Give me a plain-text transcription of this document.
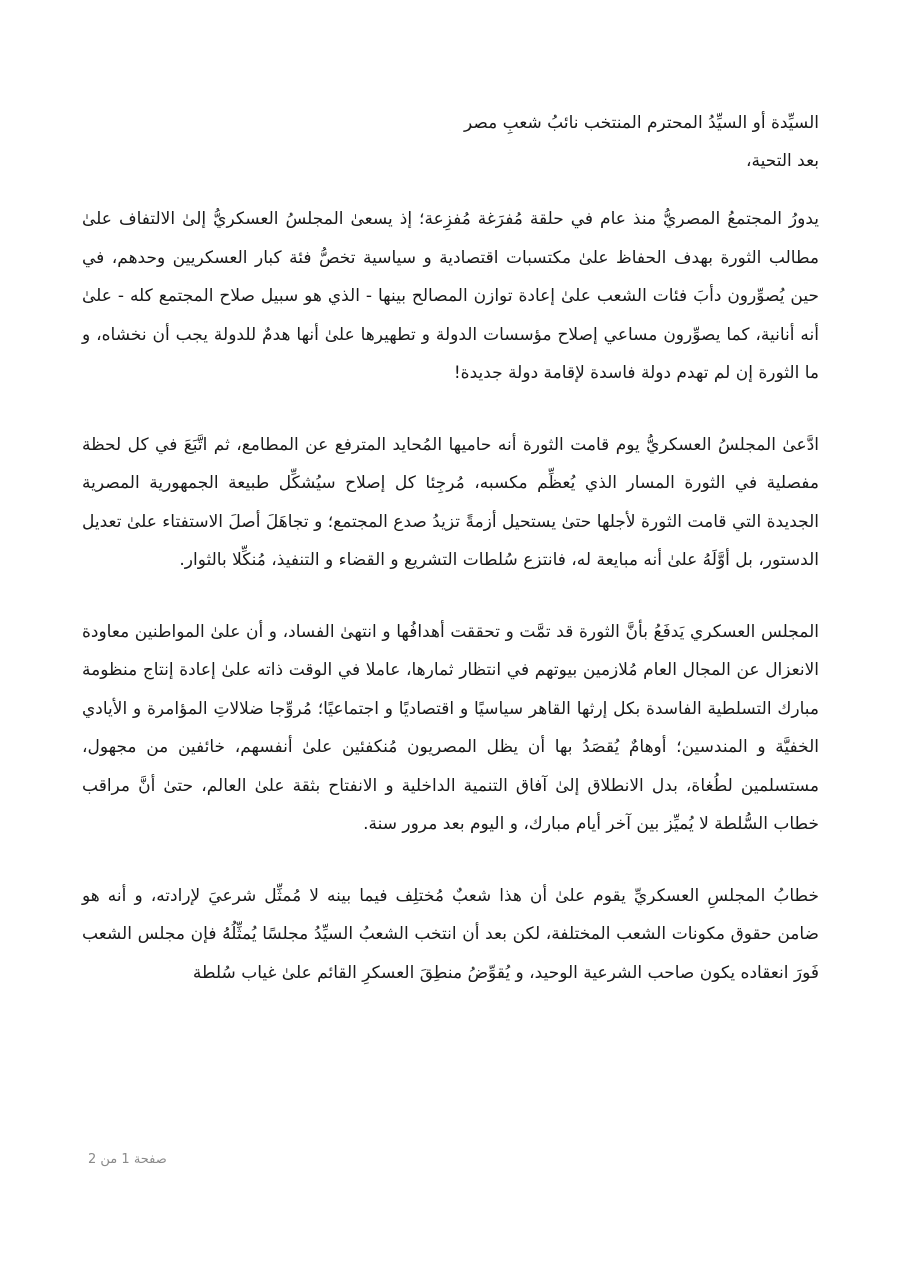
السيِّدة أو السيِّدُ المحترم المنتخب نائبُ شعبِ مصر

بعد التحية،

يدورُ المجتمعُ المصريُّ منذ عام في حلقة مُفرَغة مُفزِعة؛ إذ يسعىٰ المجلسُ العسكريُّ إلىٰ الالتفاف علىٰ مطالب الثورة بهدف الحفاظ علىٰ مكتسبات اقتصادية و سياسية تخصُّ فئة كبار العسكريين وحدهم، في حين يُصوِّرون دأبَ فئات الشعب علىٰ إعادة توازن المصالح بينها - الذي هو سبيل صلاح المجتمع كله - علىٰ أنه أنانية، كما يصوِّرون مساعي إصلاح مؤسسات الدولة و تطهيرها علىٰ أنها هدمٌ للدولة يجب أن نخشاه، و ما الثورة إن لم تهدم دولة فاسدة لإقامة دولة جديدة!

ادَّعىٰ المجلسُ العسكريُّ يوم قامت الثورة أنه حاميها المُحايد المترفع عن المطامع، ثم اتَّبَعَ في كل لحظة مفصلية في الثورة المسار الذي يُعظِّم مكسبه، مُرجِئا كل إصلاح سيُشكِّل طبيعة الجمهورية المصرية الجديدة التي قامت الثورة لأجلها حتىٰ يستحيل أزمةً تزيدُ صدع المجتمع؛ و تجاهَلَ أصلَ الاستفتاء علىٰ تعديل الدستور، بل أوَّلَهُ علىٰ أنه مبايعة له، فانتزع سُلطات التشريع و القضاء و التنفيذ، مُنكِّلا بالثوار.

المجلس العسكري يَدفَعُ بأنَّ الثورة قد تمَّت و تحققت أهدافُها و انتهىٰ الفساد، و أن علىٰ المواطنين معاودة الانعزال عن المجال العام مُلازمين بيوتهم في انتظار ثمارها، عاملا في الوقت ذاته علىٰ إعادة إنتاج منظومة مبارك التسلطية الفاسدة بكل إرثها القاهر سياسيًا و اقتصاديًا و اجتماعيًا؛ مُروِّجا ضلالاتِ المؤامرة و الأيادي الخفيَّة و المندسين؛ أوهامٌ يُقصَدُ بها أن يظل المصريون مُنكفئين علىٰ أنفسهم، خائفين من مجهول، مستسلمين لطُغاة، بدل الانطلاق إلىٰ آفاق التنمية الداخلية و الانفتاح بثقة علىٰ العالم، حتىٰ أنَّ مراقب خطاب السُّلطة لا يُميِّز بين آخر أيام مبارك، و اليوم بعد مرور سنة.

خطابُ المجلسِ العسكريِّ يقوم علىٰ أن هذا شعبٌ مُختلِف فيما بينه لا مُمثِّل شرعيَ لإرادته، و أنه هو ضامن حقوق مكونات الشعب المختلفة، لكن بعد أن انتخب الشعبُ السيِّدُ مجلسًا يُمثِّلُهُ فإن مجلس الشعب فَورَ انعقاده يكون صاحب الشرعية الوحيد، و يُقوِّضُ منطِقَ العسكرِ القائم علىٰ غياب سُلطة

صفحة 1 من 2
